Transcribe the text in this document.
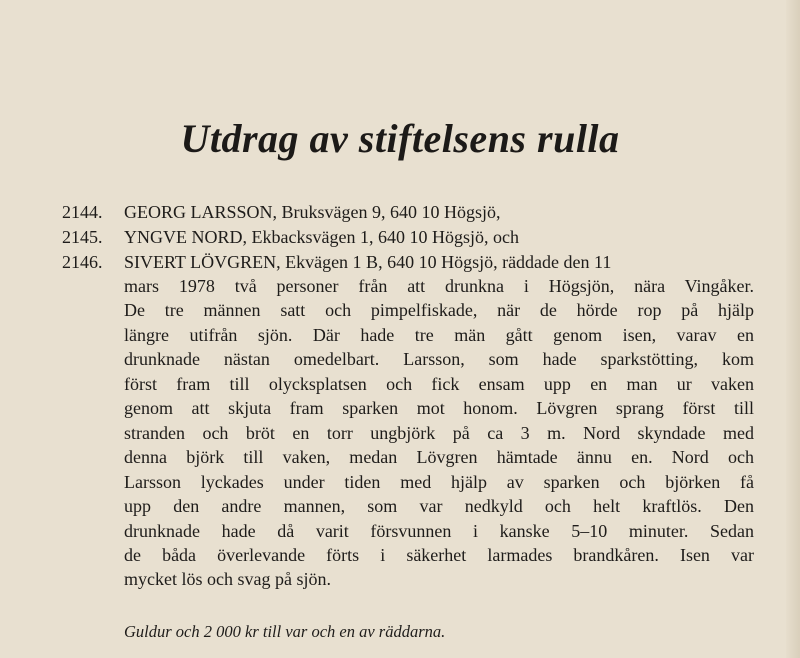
Utdrag av stiftelsens rulla
2144.	GEORG LARSSON, Bruksvägen 9, 640 10 Högsjö,
2145.	YNGVE NORD, Ekbacksvägen 1, 640 10 Högsjö, och
2146.	SIVERT LÖVGREN, Ekvägen 1 B, 640 10 Högsjö, räddade den 11
mars 1978 två personer från att drunkna i Högsjön, nära Vingåker.
De tre männen satt och pimpelfiskade, när de hörde rop på hjälp
längre utifrån sjön. Där hade tre män gått genom isen, varav en
drunknade nästan omedelbart. Larsson, som hade sparkstötting, kom
först fram till olycksplatsen och fick ensam upp en man ur vaken
genom att skjuta fram sparken mot honom. Lövgren sprang först till
stranden och bröt en torr ungbjörk på ca 3 m. Nord skyndade med
denna björk till vaken, medan Lövgren hämtade ännu en. Nord och
Larsson lyckades under tiden med hjälp av sparken och björken få
upp den andre mannen, som var nedkyld och helt kraftlös. Den
drunknade hade då varit försvunnen i kanske 5–10 minuter. Sedan
de båda överlevande förts i säkerhet larmades brandkåren. Isen var
mycket lös och svag på sjön.
Guldur och 2 000 kr till var och en av räddarna.
